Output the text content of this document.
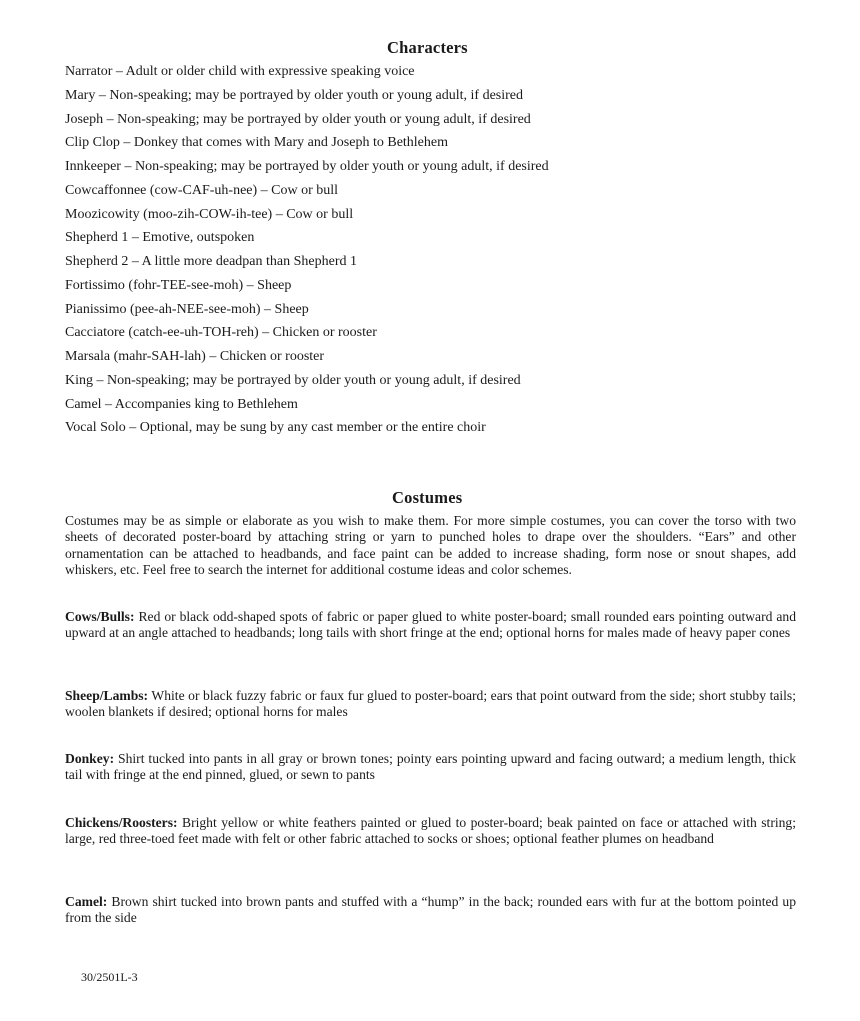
Characters
Narrator – Adult or older child with expressive speaking voice
Mary – Non-speaking; may be portrayed by older youth or young adult, if desired
Joseph – Non-speaking; may be portrayed by older youth or young adult, if desired
Clip Clop – Donkey that comes with Mary and Joseph to Bethlehem
Innkeeper – Non-speaking; may be portrayed by older youth or young adult, if desired
Cowcaffonnee (cow-CAF-uh-nee) – Cow or bull
Moozicowity (moo-zih-COW-ih-tee) – Cow or bull
Shepherd 1 – Emotive, outspoken
Shepherd 2 – A little more deadpan than Shepherd 1
Fortissimo (fohr-TEE-see-moh) – Sheep
Pianissimo (pee-ah-NEE-see-moh) – Sheep
Cacciatore (catch-ee-uh-TOH-reh) – Chicken or rooster
Marsala (mahr-SAH-lah) – Chicken or rooster
King – Non-speaking; may be portrayed by older youth or young adult, if desired
Camel – Accompanies king to Bethlehem
Vocal Solo – Optional, may be sung by any cast member or the entire choir
Costumes

Costumes may be as simple or elaborate as you wish to make them. For more simple costumes, you can cover the torso with two sheets of decorated poster-board by attaching string or yarn to punched holes to drape over the shoulders. “Ears” and other ornamentation can be attached to headbands, and face paint can be added to increase shading, form nose or snout shapes, add whiskers, etc. Feel free to search the internet for additional costume ideas and color schemes.

Cows/Bulls: Red or black odd-shaped spots of fabric or paper glued to white poster-board; small rounded ears pointing outward and upward at an angle attached to headbands; long tails with short fringe at the end; optional horns for males made of heavy paper cones

Sheep/Lambs: White or black fuzzy fabric or faux fur glued to poster-board; ears that point outward from the side; short stubby tails; woolen blankets if desired; optional horns for males

Donkey: Shirt tucked into pants in all gray or brown tones; pointy ears pointing upward and facing outward; a medium length, thick tail with fringe at the end pinned, glued, or sewn to pants

Chickens/Roosters: Bright yellow or white feathers painted or glued to poster-board; beak painted on face or attached with string; large, red three-toed feet made with felt or other fabric attached to socks or shoes; optional feather plumes on headband

Camel: Brown shirt tucked into brown pants and stuffed with a “hump” in the back; rounded ears with fur at the bottom pointed up from the side

30/2501L-3
